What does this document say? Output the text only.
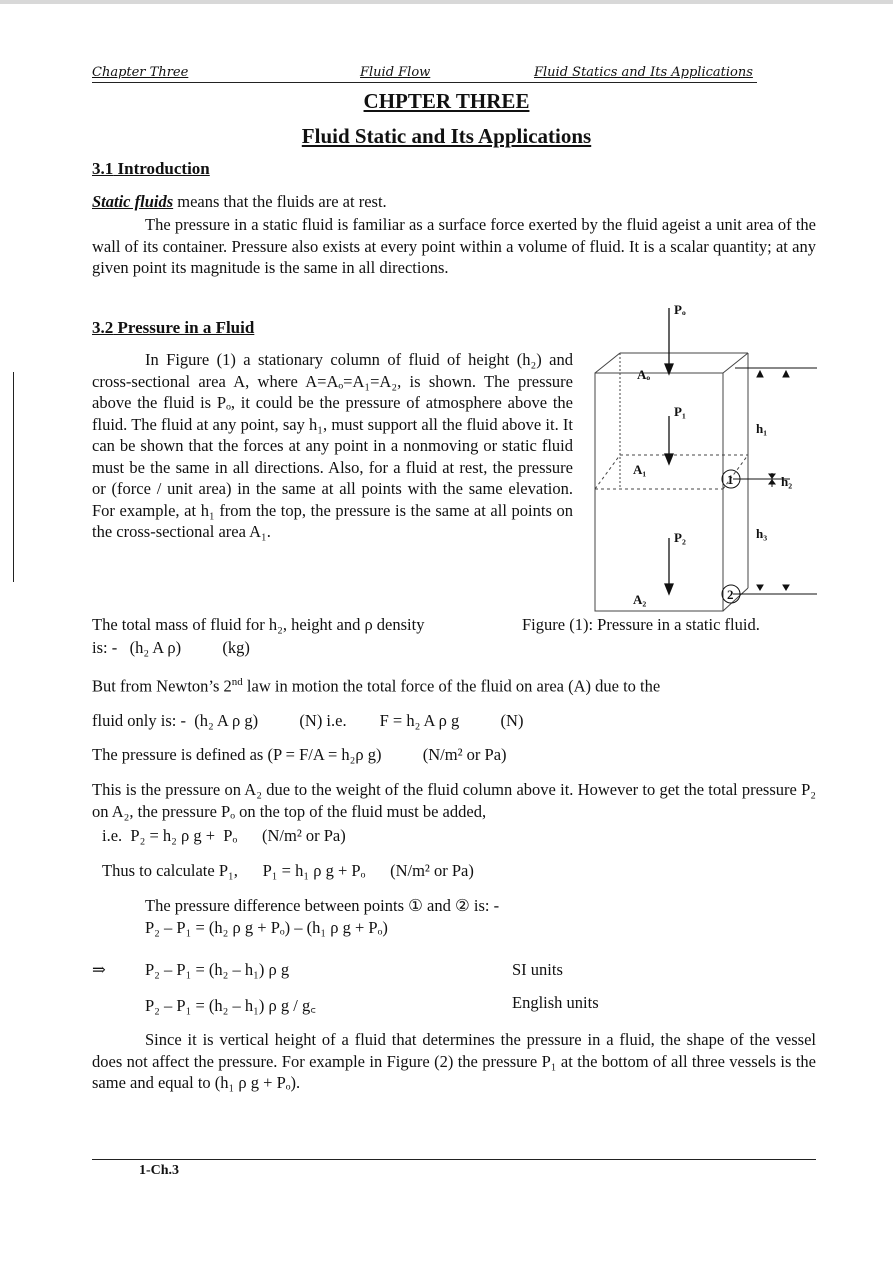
Chapter Three	Fluid Flow	Fluid Statics and Its Applications
CHPTER THREE
Fluid Static and Its Applications
3.1 Introduction
Static fluids means that the fluids are at rest.
The pressure in a static fluid is familiar as a surface force exerted by the fluid ageist a unit area of the wall of its container. Pressure also exists at every point within a volume of fluid. It is a scalar quantity; at any given point its magnitude is the same in all directions.
3.2 Pressure in a Fluid
In Figure (1) a stationary column of fluid of height (h₂) and cross-sectional area A, where A=Aₒ=A₁=A₂, is shown. The pressure above the fluid is Pₒ, it could be the pressure of atmosphere above the fluid. The fluid at any point, say h₁, must support all the fluid above it. It can be shown that the forces at any point in a nonmoving or static fluid must be the same in all directions. Also, for a fluid at rest, the pressure or (force / unit area) in the same at all points with the same elevation. For example, at h₁ from the top, the pressure is the same at all points on the cross-sectional area A₁.
Pₒ
Aₒ
P₁
A₁
P₂
A₂
h₁
h₂
h₃
1
2
The total mass of fluid for h₂, height and ρ density	Figure (1): Pressure in a static fluid.
is: -   (h₂ A ρ)          (kg)
But from Newton’s 2nd law in motion the total force of the fluid on area (A) due to the
fluid only is: -  (h₂ A ρ g)          (N) i.e.        F = h₂ A ρ g          (N)
The pressure is defined as (P = F/A = h₂ρ g)          (N/m² or Pa)
This is the pressure on A₂ due to the weight of the fluid column above it. However to get the total pressure P₂ on A₂, the pressure Pₒ on the top of the fluid must be added,
i.e.  P₂ = h₂ ρ g +  Pₒ      (N/m² or Pa)
Thus to calculate P₁,      P₁ = h₁ ρ g + Pₒ      (N/m² or Pa)
The pressure difference between points ① and ② is: -
P₂ – P₁ = (h₂ ρ g + Pₒ) – (h₁ ρ g + Pₒ)
⇒ P₂ – P₁ = (h₂ – h₁) ρ g	SI units
P₂ – P₁ = (h₂ – h₁) ρ g / g꜀	English units
Since it is vertical height of a fluid that determines the pressure in a fluid, the shape of the vessel does not affect the pressure. For example in Figure (2) the pressure P₁ at the bottom of all three vessels is the same and equal to (h₁ ρ g + Pₒ).
1-Ch.3
